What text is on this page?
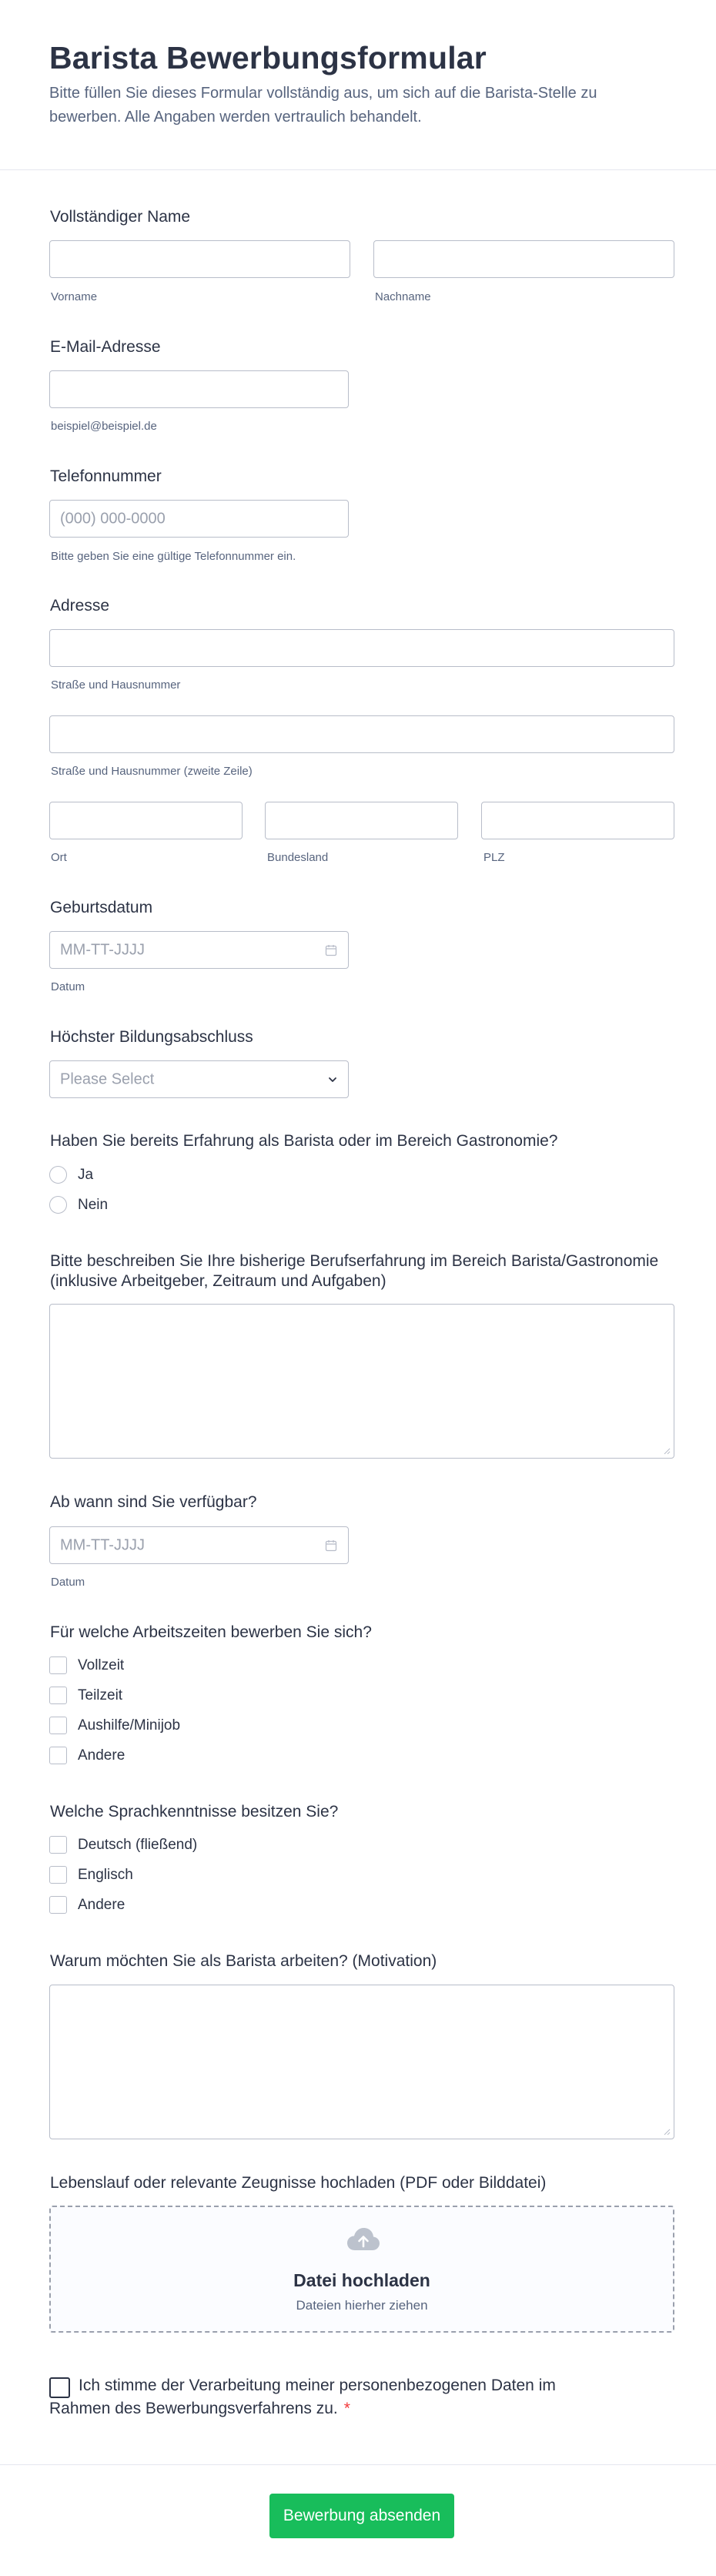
Barista Bewerbungsformular
Bitte füllen Sie dieses Formular vollständig aus, um sich auf die Barista-Stelle zu bewerben. Alle Angaben werden vertraulich behandelt.
Vollständiger Name
Vorname	Nachname
E-Mail-Adresse
beispiel@beispiel.de
Telefonnummer
(000) 000-0000
Bitte geben Sie eine gültige Telefonnummer ein.
Adresse
Straße und Hausnummer
Straße und Hausnummer (zweite Zeile)
Ort	Bundesland	PLZ
Geburtsdatum
MM-TT-JJJJ
Datum
Höchster Bildungsabschluss
Please Select
Haben Sie bereits Erfahrung als Barista oder im Bereich Gastronomie?
Ja
Nein
Bitte beschreiben Sie Ihre bisherige Berufserfahrung im Bereich Barista/Gastronomie
(inklusive Arbeitgeber, Zeitraum und Aufgaben)
Ab wann sind Sie verfügbar?
MM-TT-JJJJ
Datum
Für welche Arbeitszeiten bewerben Sie sich?
Vollzeit
Teilzeit
Aushilfe/Minijob
Andere
Welche Sprachkenntnisse besitzen Sie?
Deutsch (fließend)
Englisch
Andere
Warum möchten Sie als Barista arbeiten? (Motivation)
Lebenslauf oder relevante Zeugnisse hochladen (PDF oder Bilddatei)
Datei hochladen
Dateien hierher ziehen
Ich stimme der Verarbeitung meiner personenbezogenen Daten im Rahmen des Bewerbungsverfahrens zu. *
Bewerbung absenden
